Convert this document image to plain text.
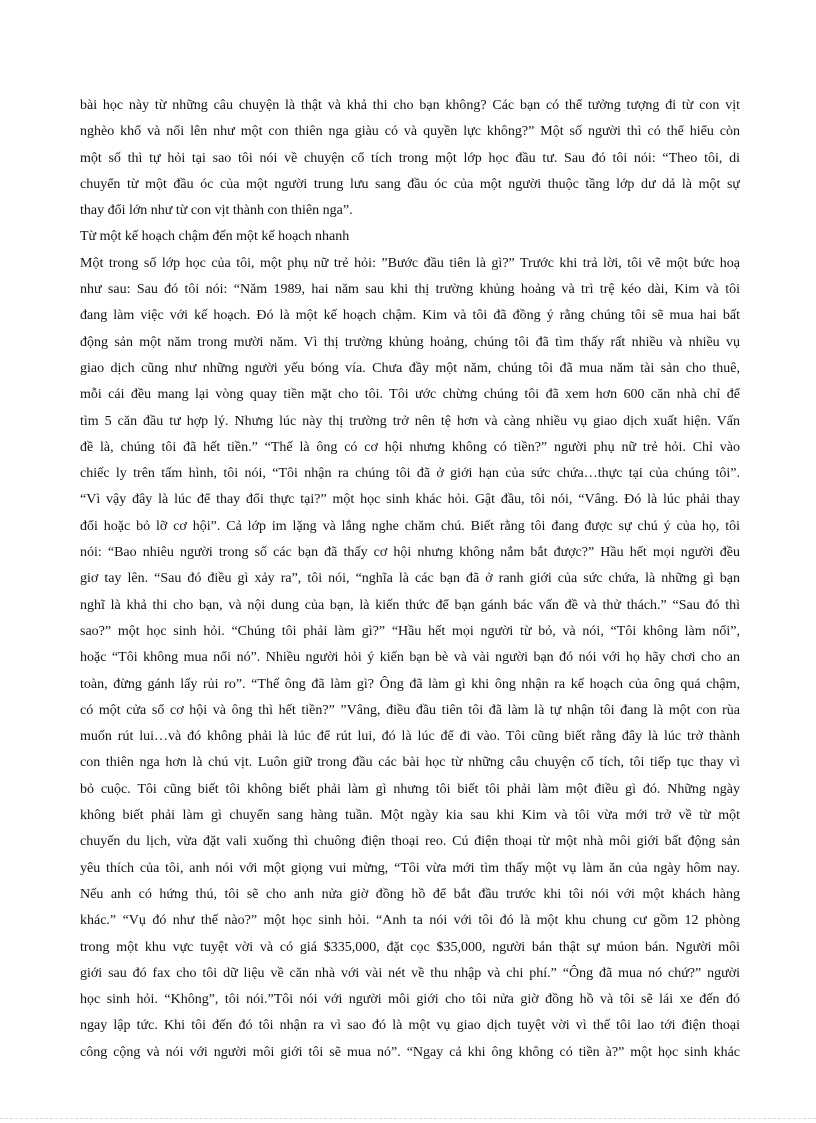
bài học này từ những câu chuyện là thật và khả thi cho bạn không? Các bạn có thể tưởng tượng đi từ con vịt
nghèo khổ và nổi lên như một con thiên nga giàu có và quyền lực không?” Một số người thì có thể hiểu còn
một số thì tự hỏi tại sao tôi nói về chuyện cổ tích trong một lớp học đầu tư. Sau đó tôi nói: “Theo tôi, di
chuyển từ một đầu óc của một người trung lưu sang đầu óc của một người thuộc tầng lớp dư dả là một sự
thay đổi lớn như từ con vịt thành con thiên nga”.
Từ một kế hoạch chậm đến một kế hoạch nhanh
Một trong số lớp học của tôi, một phụ nữ trẻ hỏi: ”Bước đầu tiên là gì?” Trước khi trả lời, tôi vẽ một bức hoạ
như sau: Sau đó tôi nói: “Năm 1989, hai năm sau khi thị trường khủng hoảng và trì trệ kéo dài, Kim và tôi
đang làm việc với kế hoạch. Đó là một kế hoạch chậm. Kim và tôi đã đồng ý rằng chúng tôi sẽ mua hai bất
động sản một năm trong mười năm. Vì thị trường khủng hoảng, chúng tôi đã tìm thấy rất nhiều và nhiều vụ
giao dịch cũng như những người yếu bóng vía. Chưa đầy một năm, chúng tôi đã mua năm tài sản cho thuê,
mỗi cái đều mang lại vòng quay tiền mặt cho tôi. Tôi ước chừng chúng tôi đã xem hơn 600 căn nhà chỉ để
tìm 5 căn đầu tư hợp lý. Nhưng lúc này thị trường trở nên tệ hơn và càng nhiều vụ giao dịch xuất hiện. Vấn
đề là, chúng tôi đã hết tiền.” “Thế là ông có cơ hội nhưng không có tiền?” người phụ nữ trẻ hỏi. Chỉ vào
chiếc ly trên tấm hình, tôi nói, “Tôi nhận ra chúng tôi đã ở giới hạn của sức chứa…thực tại của chúng tôi”.
“Vì vậy đây là lúc để thay đổi thực tại?” một học sinh khác hỏi. Gật đầu, tôi nói, “Vâng. Đó là lúc phải thay
đổi hoặc bỏ lỡ cơ hội”. Cả lớp im lặng và lắng nghe chăm chú. Biết rằng tôi đang được sự chú ý của họ, tôi
nói: “Bao nhiêu người trong số các bạn đã thấy cơ hội nhưng không nắm bắt được?” Hầu hết mọi người đều
giơ tay lên. “Sau đó điều gì xảy ra”, tôi nói, “nghĩa là các bạn đã ở ranh giới của sức chứa, là những gì bạn
nghĩ là khả thi cho bạn, và nội dung của bạn, là kiến thức để bạn gánh bác vấn đề và thử thách.” “Sau đó thì
sao?” một học sinh hỏi. “Chúng tôi phải làm gì?” “Hầu hết mọi người từ bỏ, và nói, “Tôi không làm nổi”,
hoặc “Tôi không mua nổi nó”. Nhiều người hỏi ý kiến bạn bè và vài người bạn đó nói với họ hãy chơi cho an
toàn, đừng gánh lấy rủi ro”. “Thế ông đã làm gì? Ông đã làm gì khi ông nhận ra kế hoạch của ông quá chậm,
có một cửa sổ cơ hội và ông thì hết tiền?” ”Vâng, điều đầu tiên tôi đã làm là tự nhận tôi đang là một con rùa
muốn rút lui…và đó không phải là lúc để rút lui, đó là lúc để đi vào. Tôi cũng biết rằng đây là lúc trở thành
con thiên nga hơn là chú vịt. Luôn giữ trong đầu các bài học từ những câu chuyện cổ tích, tôi tiếp tục thay vì
bỏ cuộc. Tôi cũng biết tôi không biết phải làm gì nhưng tôi biết tôi phải làm một điều gì đó. Những ngày
không biết phải làm gì chuyển sang hàng tuần. Một ngày kia sau khi Kim và tôi vừa mới trở về từ một
chuyến du lịch, vừa đặt vali xuống thì chuông điện thoại reo. Cú điện thoại từ một nhà môi giới bất động sản
yêu thích của tôi, anh nói với một giọng vui mừng, “Tôi vừa mới tìm thấy một vụ làm ăn của ngày hôm nay.
Nếu anh có hứng thú, tôi sẽ cho anh nửa giờ đồng hồ để bắt đầu trước khi tôi nói với một khách hàng
khác.” “Vụ đó như thế nào?” một học sinh hỏi. “Anh ta nói với tôi đó là một khu chung cư gồm 12 phòng
trong một khu vực tuyệt vời và có giá $335,000, đặt cọc $35,000, người bán thật sự múon bán. Người môi
giới sau đó fax cho tôi dữ liệu về căn nhà với vài nét về thu nhập và chi phí.” “Ông đã mua nó chứ?” người
học sinh hỏi. “Không”, tôi nói.”Tôi nói với người môi giới cho tôi nửa giờ đồng hồ và tôi sẽ lái xe đến đó
ngay lập tức. Khi tôi đến đó tôi nhận ra vì sao đó là một vụ giao dịch tuyệt vời vì thế tôi lao tới điện thoại
công cộng và nói với người môi giới tôi sẽ mua nó”. “Ngay cả khi ông không có tiền à?” một học sinh khác
